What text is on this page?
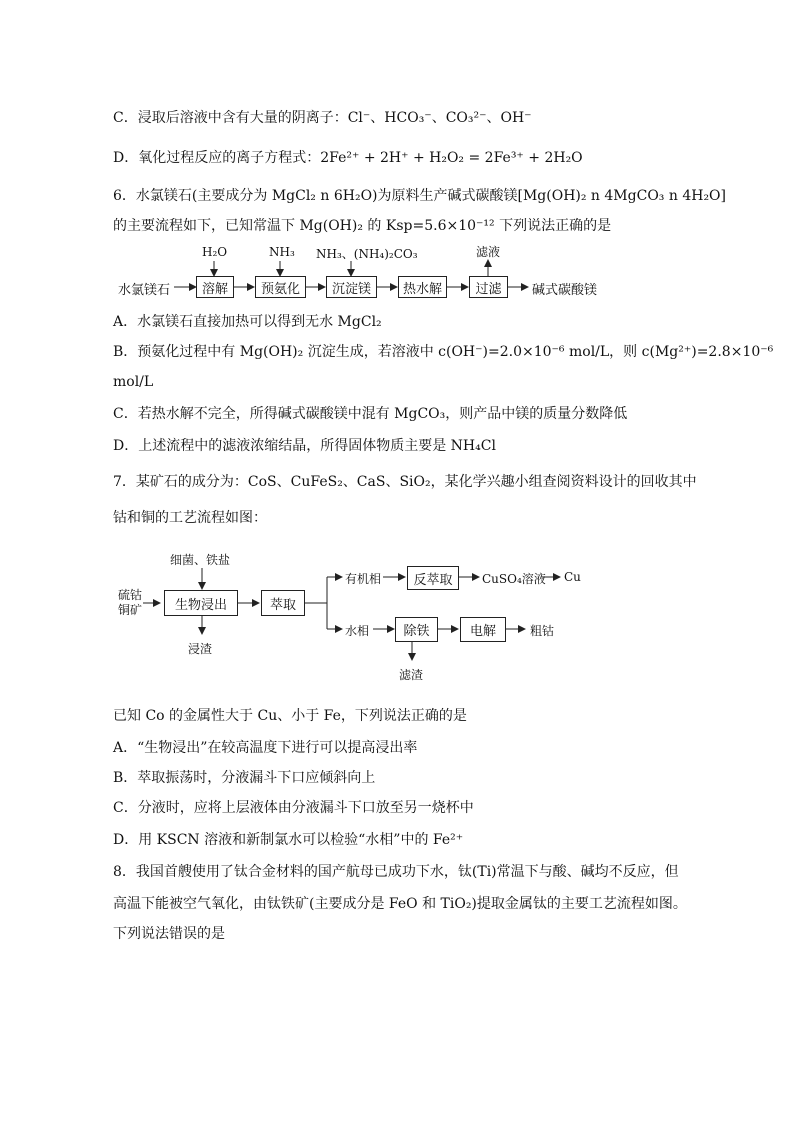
C．浸取后溶液中含有大量的阴离子：Cl⁻、HCO₃⁻、CO₃²⁻、OH⁻
D．氧化过程反应的离子方程式：2Fe²⁺ + 2H⁺ + H₂O₂ = 2Fe³⁺ + 2H₂O
6．水氯镁石(主要成分为 MgCl₂ n 6H₂O)为原料生产碱式碳酸镁[Mg(OH)₂ n 4MgCO₃ n 4H₂O]
的主要流程如下，已知常温下 Mg(OH)₂ 的 Ksp=5.6×10⁻¹² 下列说法正确的是
水氯镁石	溶解	预氨化	沉淀镁	热水解	过滤	碱式碳酸镁
H₂O	NH₃ NH₃、(NH₄)₂CO₃	滤液
A．水氯镁石直接加热可以得到无水 MgCl₂
B．预氨化过程中有 Mg(OH)₂ 沉淀生成，若溶液中 c(OH⁻)=2.0×10⁻⁶ mol/L，则 c(Mg²⁺)=2.8×10⁻⁶
mol/L
C．若热水解不完全，所得碱式碳酸镁中混有 MgCO₃，则产品中镁的质量分数降低
D．上述流程中的滤液浓缩结晶，所得固体物质主要是 NH₄Cl
7．某矿石的成分为：CoS、CuFeS₂、CaS、SiO₂，某化学兴趣小组查阅资料设计的回收其中
钴和铜的工艺流程如图：
硫钴
铜矿
细菌、铁盐
生物浸出
浸渣
萃取
有机相	反萃取	CuSO₄溶液 Cu
水相	除铁	电解	粗钴
滤渣
已知 Co 的金属性大于 Cu、小于 Fe，下列说法正确的是
A．“生物浸出”在较高温度下进行可以提高浸出率
B．萃取振荡时，分液漏斗下口应倾斜向上
C．分液时，应将上层液体由分液漏斗下口放至另一烧杯中
D．用 KSCN 溶液和新制氯水可以检验“水相”中的 Fe²⁺
8．我国首艘使用了钛合金材料的国产航母已成功下水，钛(Ti)常温下与酸、碱均不反应，但
高温下能被空气氧化，由钛铁矿(主要成分是 FeO 和 TiO₂)提取金属钛的主要工艺流程如图。
下列说法错误的是
